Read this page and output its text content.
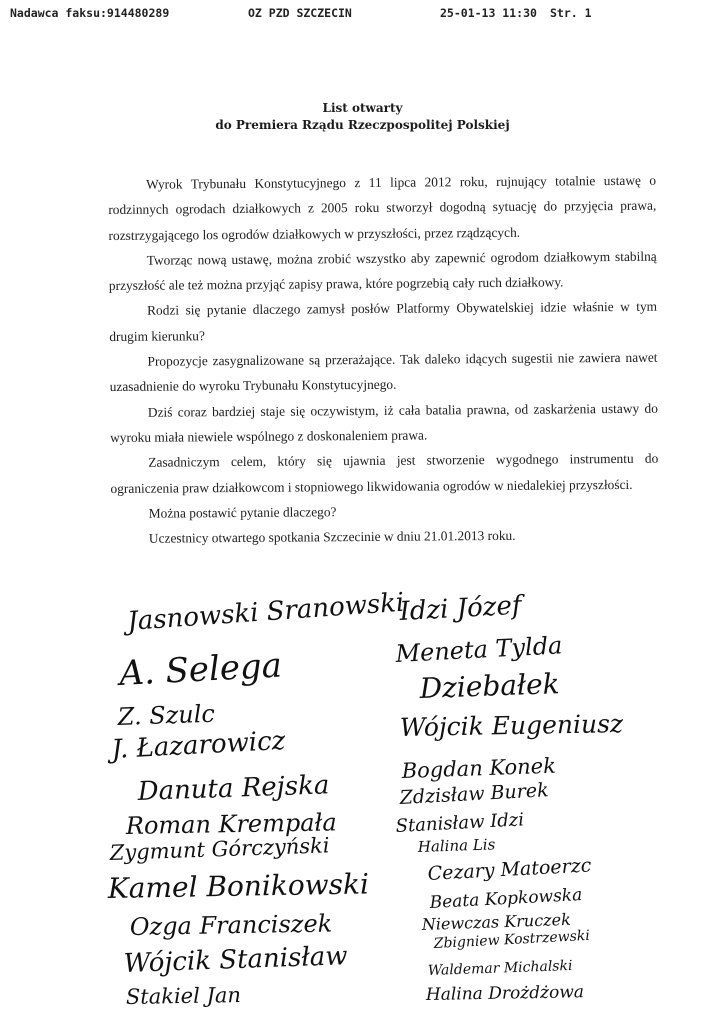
Nadawca faksu:914480289	OZ PZD SZCZECIN	25-01-13 11:30 Str. 1
List otwarty
do Premiera Rządu Rzeczpospolitej Polskiej

Wyrok Trybunału Konstytucyjnego z 11 lipca 2012 roku, rujnujący totalnie ustawę o rodzinnych ogrodach działkowych z 2005 roku stworzył dogodną sytuację do przyjęcia prawa, rozstrzygającego los ogrodów działkowych w przyszłości, przez rządzących.

Tworząc nową ustawę, można zrobić wszystko aby zapewnić ogrodom działkowym stabilną przyszłość ale też można przyjąć zapisy prawa, które pogrzebią cały ruch działkowy.

Rodzi się pytanie dlaczego zamysł posłów Platformy Obywatelskiej idzie właśnie w tym drugim kierunku?

Propozycje zasygnalizowane są przerażające. Tak daleko idących sugestii nie zawiera nawet uzasadnienie do wyroku Trybunału Konstytucyjnego.

Dziś coraz bardziej staje się oczywistym, iż cała batalia prawna, od zaskarżenia ustawy do wyroku miała niewiele wspólnego z doskonaleniem prawa.

Zasadniczym celem, który się ujawnia jest stworzenie wygodnego instrumentu do ograniczenia praw działkowcom i stopniowego likwidowania ogrodów w niedalekiej przyszłości.

Można postawić pytanie dlaczego?

Uczestnicy otwartego spotkania Szczecinie w dniu 21.01.2013 roku.

Jasnowski Sranowski
A. Selega
Z. Szulc
J. Łazarowicz
Danuta Rejska
Roman Krempała
Zygmunt Górczyński
Kamel Bonikowski
Ozga Franciszek
Wójcik Stanisław
Stakiel Jan
Idzi Józef
Meneta Tylda
Dziebałek
Wójcik Eugeniusz
Bogdan Konek
Zdzisław Burek
Stanisław Idzi
Halina Lis
Cezary Matoerzc
Beata Kopkowska
Niewczas Kruczek
Zbigniew Kostrzewski
Waldemar Michalski
Halina Drożdżowa
